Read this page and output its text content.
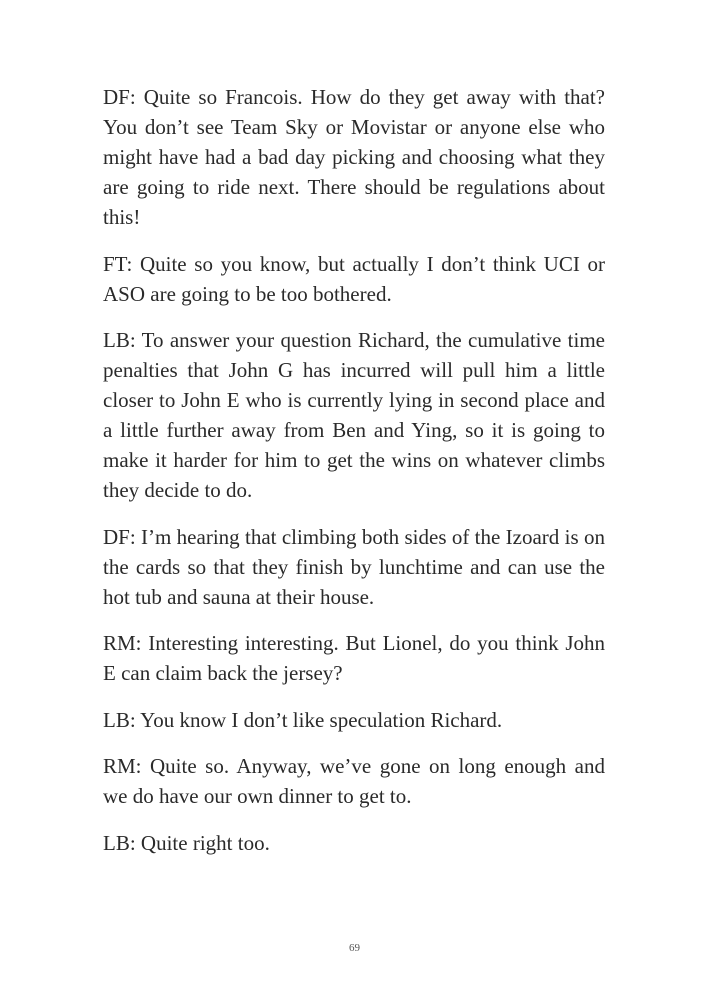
DF: Quite so Francois. How do they get away with that? You don’t see Team Sky or Movistar or anyone else who might have had a bad day picking and choosing what they are going to ride next. There should be regulations about this!

FT: Quite so you know, but actually I don’t think UCI or ASO are going to be too bothered.

LB: To answer your question Richard, the cumulative time penalties that John G has incurred will pull him a little closer to John E who is currently lying in second place and a little further away from Ben and Ying, so it is going to make it harder for him to get the wins on whatever climbs they decide to do.

DF: I’m hearing that climbing both sides of the Izoard is on the cards so that they finish by lunchtime and can use the hot tub and sauna at their house.

RM: Interesting interesting. But Lionel, do you think John E can claim back the jersey?

LB: You know I don’t like speculation Richard.

RM: Quite so. Anyway, we’ve gone on long enough and we do have our own dinner to get to.

LB: Quite right too.

69
